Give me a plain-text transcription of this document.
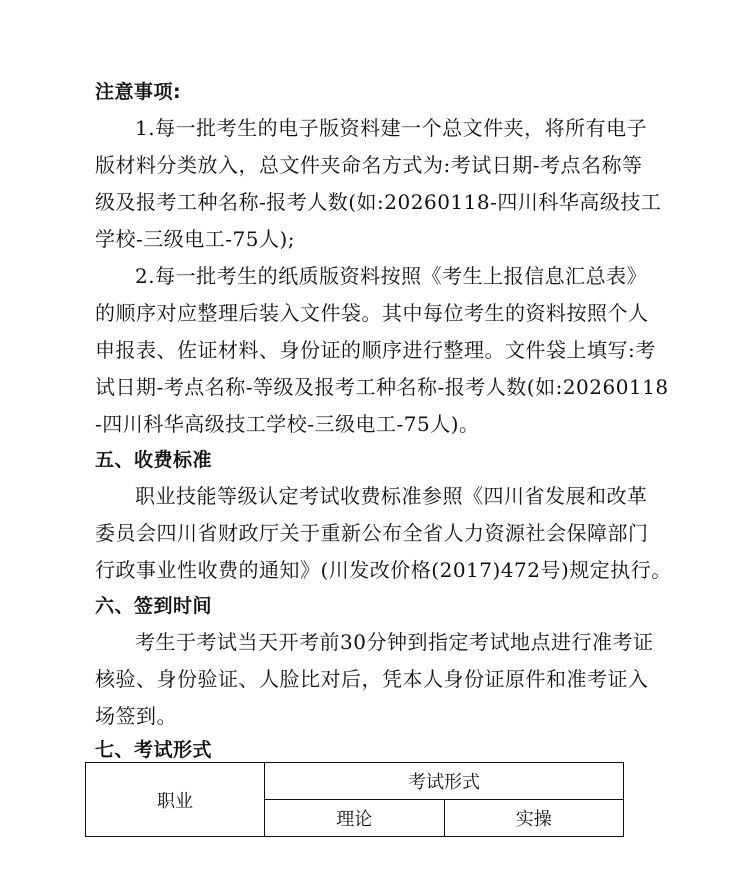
注意事项:
1.每一批考生的电子版资料建一个总文件夹，将所有电子
版材料分类放入，总文件夹命名方式为:考试日期-考点名称等
级及报考工种名称-报考人数(如:20260118-四川科华高级技工
学校-三级电工-75人);
2.每一批考生的纸质版资料按照《考生上报信息汇总表》
的顺序对应整理后装入文件袋。其中每位考生的资料按照个人
申报表、佐证材料、身份证的顺序进行整理。文件袋上填写:考
试日期-考点名称-等级及报考工种名称-报考人数(如:20260118
-四川科华高级技工学校-三级电工-75人)。
五、收费标准
职业技能等级认定考试收费标准参照《四川省发展和改革
委员会四川省财政厅关于重新公布全省人力资源社会保障部门
行政事业性收费的通知》(川发改价格(2017)472号)规定执行。
六、签到时间
考生于考试当天开考前30分钟到指定考试地点进行准考证
核验、身份验证、人脸比对后，凭本人身份证原件和准考证入
场签到。
七、考试形式
职业	考试形式	
	理论	实操
